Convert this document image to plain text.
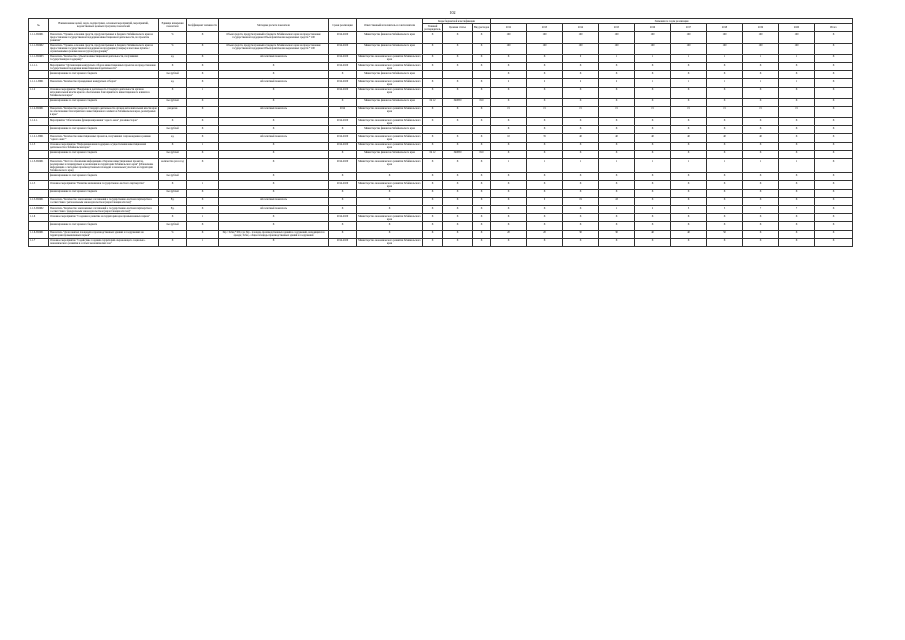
102
№	Наименование целей, задач, подпрограмм, основных мероприятий, мероприятий, ведомственных целевых программ, показателей	Единица измерения показателя	Коэффициент значимости	Методика расчета показателя	Сроки реализации	Ответственный исполнитель и соисполнители	Коды бюджетной классификации			Значения по годам реализации									
							Главный распорядитель	Целевая статья	Вид расходов	2012	2013	2014	2015	2016	2017	2018	2019	2020	Итого
1.1.1-ПОМ1	Показатель "Уровень освоения средств, предусмотренных в бюджете Забайкальского края на предоставление государственной поддержки инвестиционной деятельности, по проектам развития"	%	X	Объем средств, предусмотренный в бюджете Забайкальского края на предоставление государственной поддержки Объем фактически выделенных средств * 100	2014-2020	Министерство финансов Забайкальского края	X	X	X	100	100	100	100	100	100	100	100	100	X
1.1.1-ПОМ2	Показатель "Уровень освоения средств, предусмотренных в бюджете Забайкальского края на предоставление государственной поддержки на продукцию (товары) и массовые пункты с ограниченными сроками завоза грузов (продукции)"	%	X	Объем средств, предусмотренный в бюджете Забайкальского края на предоставление государственной поддержки Объем фактически выделенных средств * 100	2014-2020	Министерство финансов Забайкальского края	X	X	X	100	100	100	100	100	100	100	100	100	X
1.1.1-ПОМ3	Показатель "Количество субъектов инвестиционной деятельности, получивших государственную поддержку"	ед.	X	Абсолютный показатель	2014-2020	Министерство экономического развития Забайкальского края	X	X	X	X	X	0	1	1	1	1	1	1	X
1.1.1.1.	Мероприятие "Организация конкурсных отборов инвестиционных проектов на предоставление государственной поддержки инвестиционной деятельности"	X	X	X	2014-2020	Министерство экономического развития Забайкальского края	X	X	X	X	X	X	X	X	X	X	X	X	X
	финансирование за счет краевого бюджета	тыс.рублей	X	X	X	Министерство финансов Забайкальского края				X	X	X	X	X	X	X	X	X	X
1.1.1.1-ПМ1	Показатель "Количество проведенных конкурсных отборов"	ед.	X	Абсолютный показатель	2014-2020	Министерство экономического развития Забайкальского края	X	X	X	2	2	2	2	1	1	1	1	1	X
1.1.2	Основное мероприятие "Внедрение в деятельность Стандарта деятельности органов исполнительной власти края по обеспечению благоприятного инвестиционного климата в Забайкальском крае"	X	1	X	2014-2020	Министерство экономического развития Забайкальского края	X	X	X	X	X	X	X	X	X	X	X	X	X
	финансирование за счет краевого бюджета	тыс.рублей	X	X	X	Министерство финансов Забайкальского края	04 12	340850	810	X	X	X	X	X	X	X	X	X	X
1.1.2-ПОМ1	Показатель "Количество разделов Стандарта деятельности органов исполнительной власти края по обеспечению благоприятного инвестиционного климата в Забайкальском крае, реализуемых в крае"	разделов	X	Абсолютный показатель	2014	Министерство экономического развития Забайкальского края	X	X	X	15	15	15	15	15	15	15	15	15	X
1.1.2.1.	Мероприятие "Обеспечение функционирования "одного окна" для инвесторов"	X	X	X	2014-2020	Министерство экономического развития Забайкальского края	X	X	X	X	X	X	X	X	X	X	X	X	X
	финансирование за счет краевого бюджета	тыс.рублей	X	X	X	Министерство финансов Забайкальского края				X	X	X	X	X	X	X	X	X	X
1.1.2.1-ПМ1	Показатель "Количество инвестиционных проектов, получивших сопровождение в режиме "одного окна""	ед.	X	Абсолютный показатель	2014-2020	Министерство экономического развития Забайкальского края	X	X	X	10	35	40	40	40	40	40	40	X	X
1.1.3	Основное мероприятие "Информационная поддержка осуществления инвестиционной деятельности в Забайкальском крае"	X	1	X	2014-2020	Министерство экономического развития Забайкальского края	X	X	X	X	X	X	X	X	X	X	X	X	X
	финансирование за счет краевого бюджета	тыс.рублей	X	X	X	Министерство финансов Забайкальского края	04 12	340850	810	X	X	X	X	X	X	X	X	X	X
1.1.3-ПОМ1	Показатель "Частота обновления информации о Перечне инвестиционных проектов, реализуемых и планируемых к реализации на территории Забайкальского края" (Обновление информации о свободных производственных площадях и земельных участках на территории Забайкальского края)	количество раз в год	X	X	2014-2020	Министерство экономического развития Забайкальского края	X	X	X	1	1	1	1	1	1	1	1	1	X
	финансирование за счет краевого бюджета	тыс.рублей		X	X	X	X	X	X	X	X	X	X	X	X	X	X	X	X
1.1.5	Основное мероприятие "Развитие механизмов государственно-частного партнерства"	X	1	X	2014-2020	Министерство экономического развития Забайкальского края	X	X	X	X	X	X	X	X	X	X	X	X	X
	финансирование за счет краевого бюджета	тыс.рублей	X	X	X	X	X	X	X	X	X	X	X	X	X	X	X	X	X
1.1.5-ПОМ1	Показатель "Количество заключенных соглашений о государственно-частном партнерстве в соответствии с региональным законодательством (нарастающим итогом)"	Ед.	X	Абсолютный показатель	X	X	X	X	X	X	0	19	43	X	X	X	X	X	X
1.1.5-ПОМ2	Показатель "Количество заключенных соглашений о государственно-частном партнерстве в соответствии с федеральным законодательством (нарастающим итогом)"	Ед.	X	Абсолютный показатель	X	X	X	X	X	X	X	X	1	2	3	5	7	7	X
1.1.6	Основное мероприятие "Создание и развитие на территории края промышленных парков"	X	1	X	2014-2020	Министерство экономического развития Забайкальского края	X	X	X	X	X	X	X	X	X	X	X	X	X
	финансирование за счет краевого бюджета	тыс.рублей	X	X	X	X	X	X	X	X	X	X	X	X	X	X	X	X	X
1.1.6-ПОМ1	Показатель "Доля занятых площадей в производственных зданиях и сооружениях на территории промышленных парков"	%	X	Зпр / Зобщ *100, где Зпр - площадь производственных зданий и сооружений, находящихся в аренде; Зобщ - общая площадь производственных зданий и сооружений	X	X	X	X	X	20	20	30	30	40	40	50	X	X	X
1.1.7	Основное мероприятие "Содействие созданию территорий опережающего социально-экономического развития и особых экономических зон"	X	1	X	2014-2020	Министерство экономического развития Забайкальского края	X	X	X	X	X	X	X	X	X	X	X	X	X
